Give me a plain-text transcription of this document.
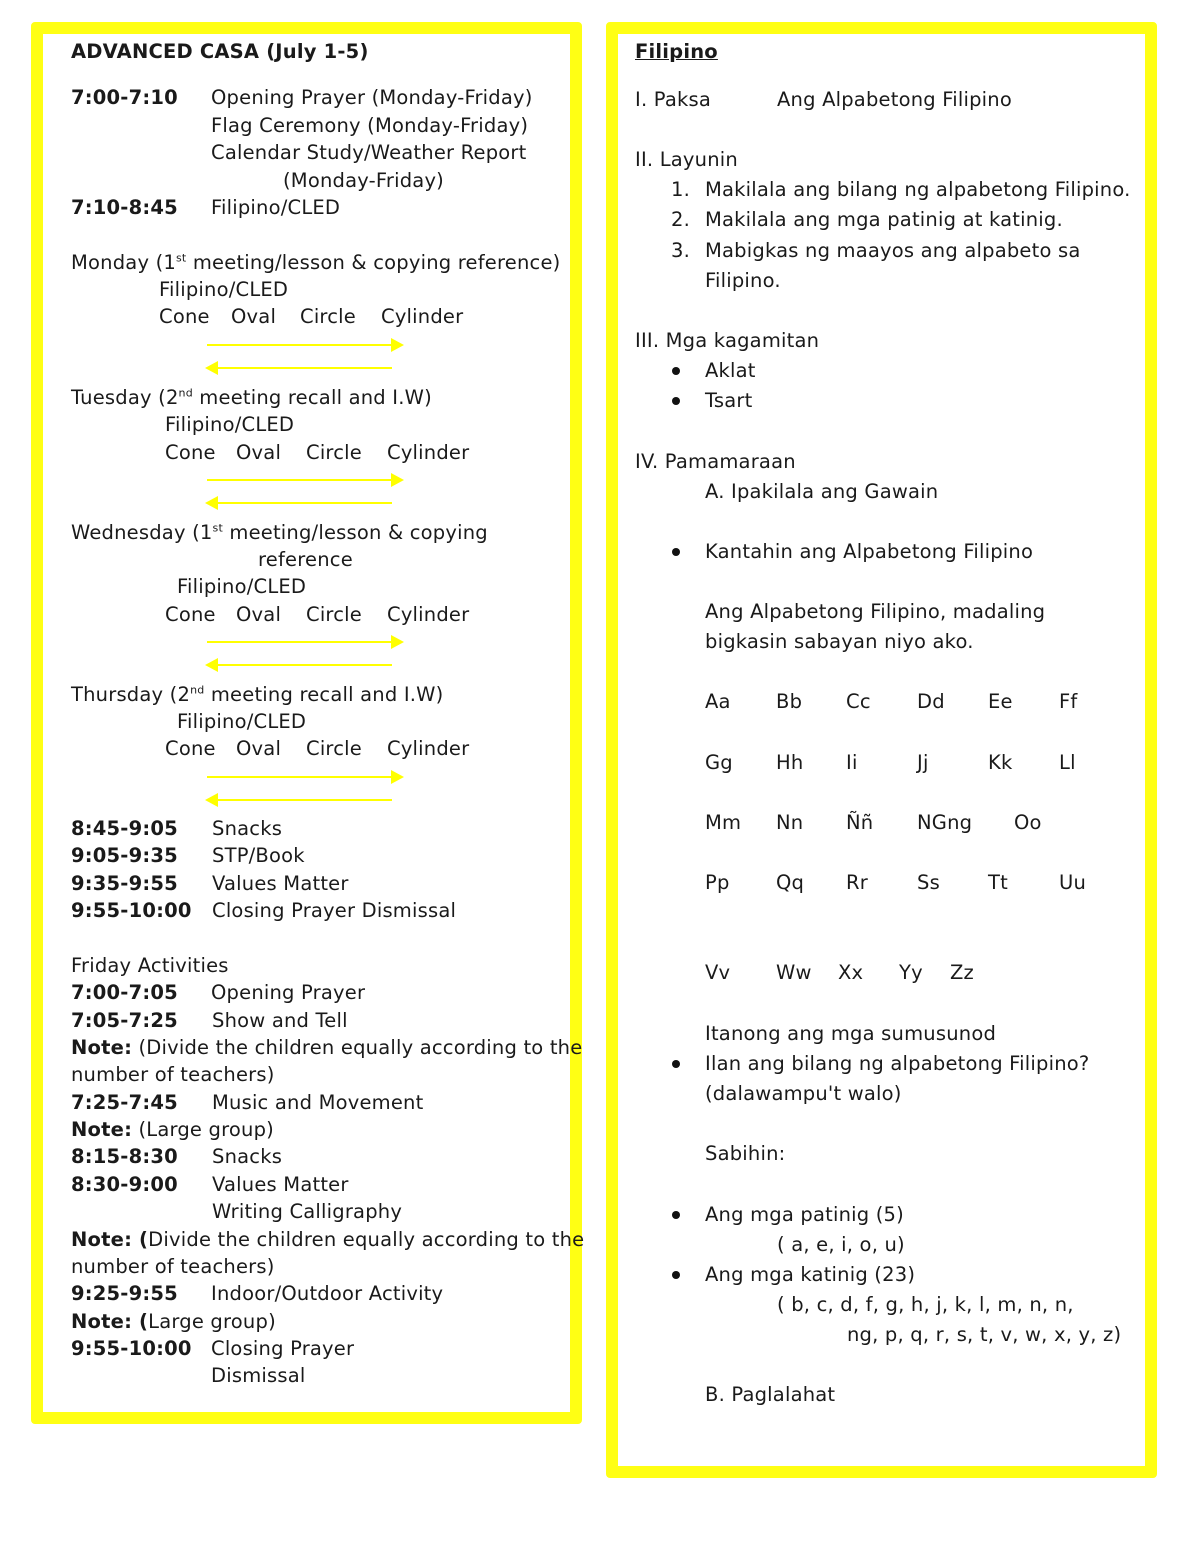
ADVANCED CASA (July 1-5)
7:00-7:10 Opening Prayer (Monday-Friday)
Flag Ceremony (Monday-Friday)
Calendar Study/Weather Report
(Monday-Friday)
7:10-8:45 Filipino/CLED
Monday (1st meeting/lesson & copying reference)
Filipino/CLED
Cone Oval Circle Cylinder
Tuesday (2nd meeting recall and I.W)
Filipino/CLED
Cone Oval Circle Cylinder
Wednesday (1st meeting/lesson & copying
reference
Filipino/CLED
Cone Oval Circle Cylinder
Thursday (2nd meeting recall and I.W)
Filipino/CLED
Cone Oval Circle Cylinder
8:45-9:05 Snacks
9:05-9:35 STP/Book
9:35-9:55 Values Matter
9:55-10:00 Closing Prayer Dismissal
Friday Activities
7:00-7:05 Opening Prayer
7:05-7:25 Show and Tell
Note: (Divide the children equally according to the
number of teachers)
7:25-7:45 Music and Movement
Note: (Large group)
8:15-8:30 Snacks
8:30-9:00 Values Matter
Writing Calligraphy
Note: (Divide the children equally according to the
number of teachers)
9:25-9:55 Indoor/Outdoor Activity
Note: (Large group)
9:55-10:00 Closing Prayer
Dismissal
Filipino
I. Paksa	Ang Alpabetong Filipino
II. Layunin
1. Makilala ang bilang ng alpabetong Filipino.
2. Makilala ang mga patinig at katinig.
3. Mabigkas ng maayos ang alpabeto sa
Filipino.
III. Mga kagamitan
Aklat
Tsart
IV. Pamamaraan
A. Ipakilala ang Gawain
Kantahin ang Alpabetong Filipino
Ang Alpabetong Filipino, madaling
bigkasin sabayan niyo ako.
Aa Bb Cc Dd Ee Ff
Gg Hh Ii	Jj	Kk Ll
Mm Nn Ññ NGng Oo
Pp Qq Rr	Ss Tt	Uu
Vv Ww Xx Yy Zz
Itanong ang mga sumusunod
Ilan ang bilang ng alpabetong Filipino?
(dalawampu't walo)
Sabihin:
Ang mga patinig (5)
( a, e, i, o, u)
Ang mga katinig (23)
( b, c, d, f, g, h, j, k, l, m, n, n,
ng, p, q, r, s, t, v, w, x, y, z)
B. Paglalahat
